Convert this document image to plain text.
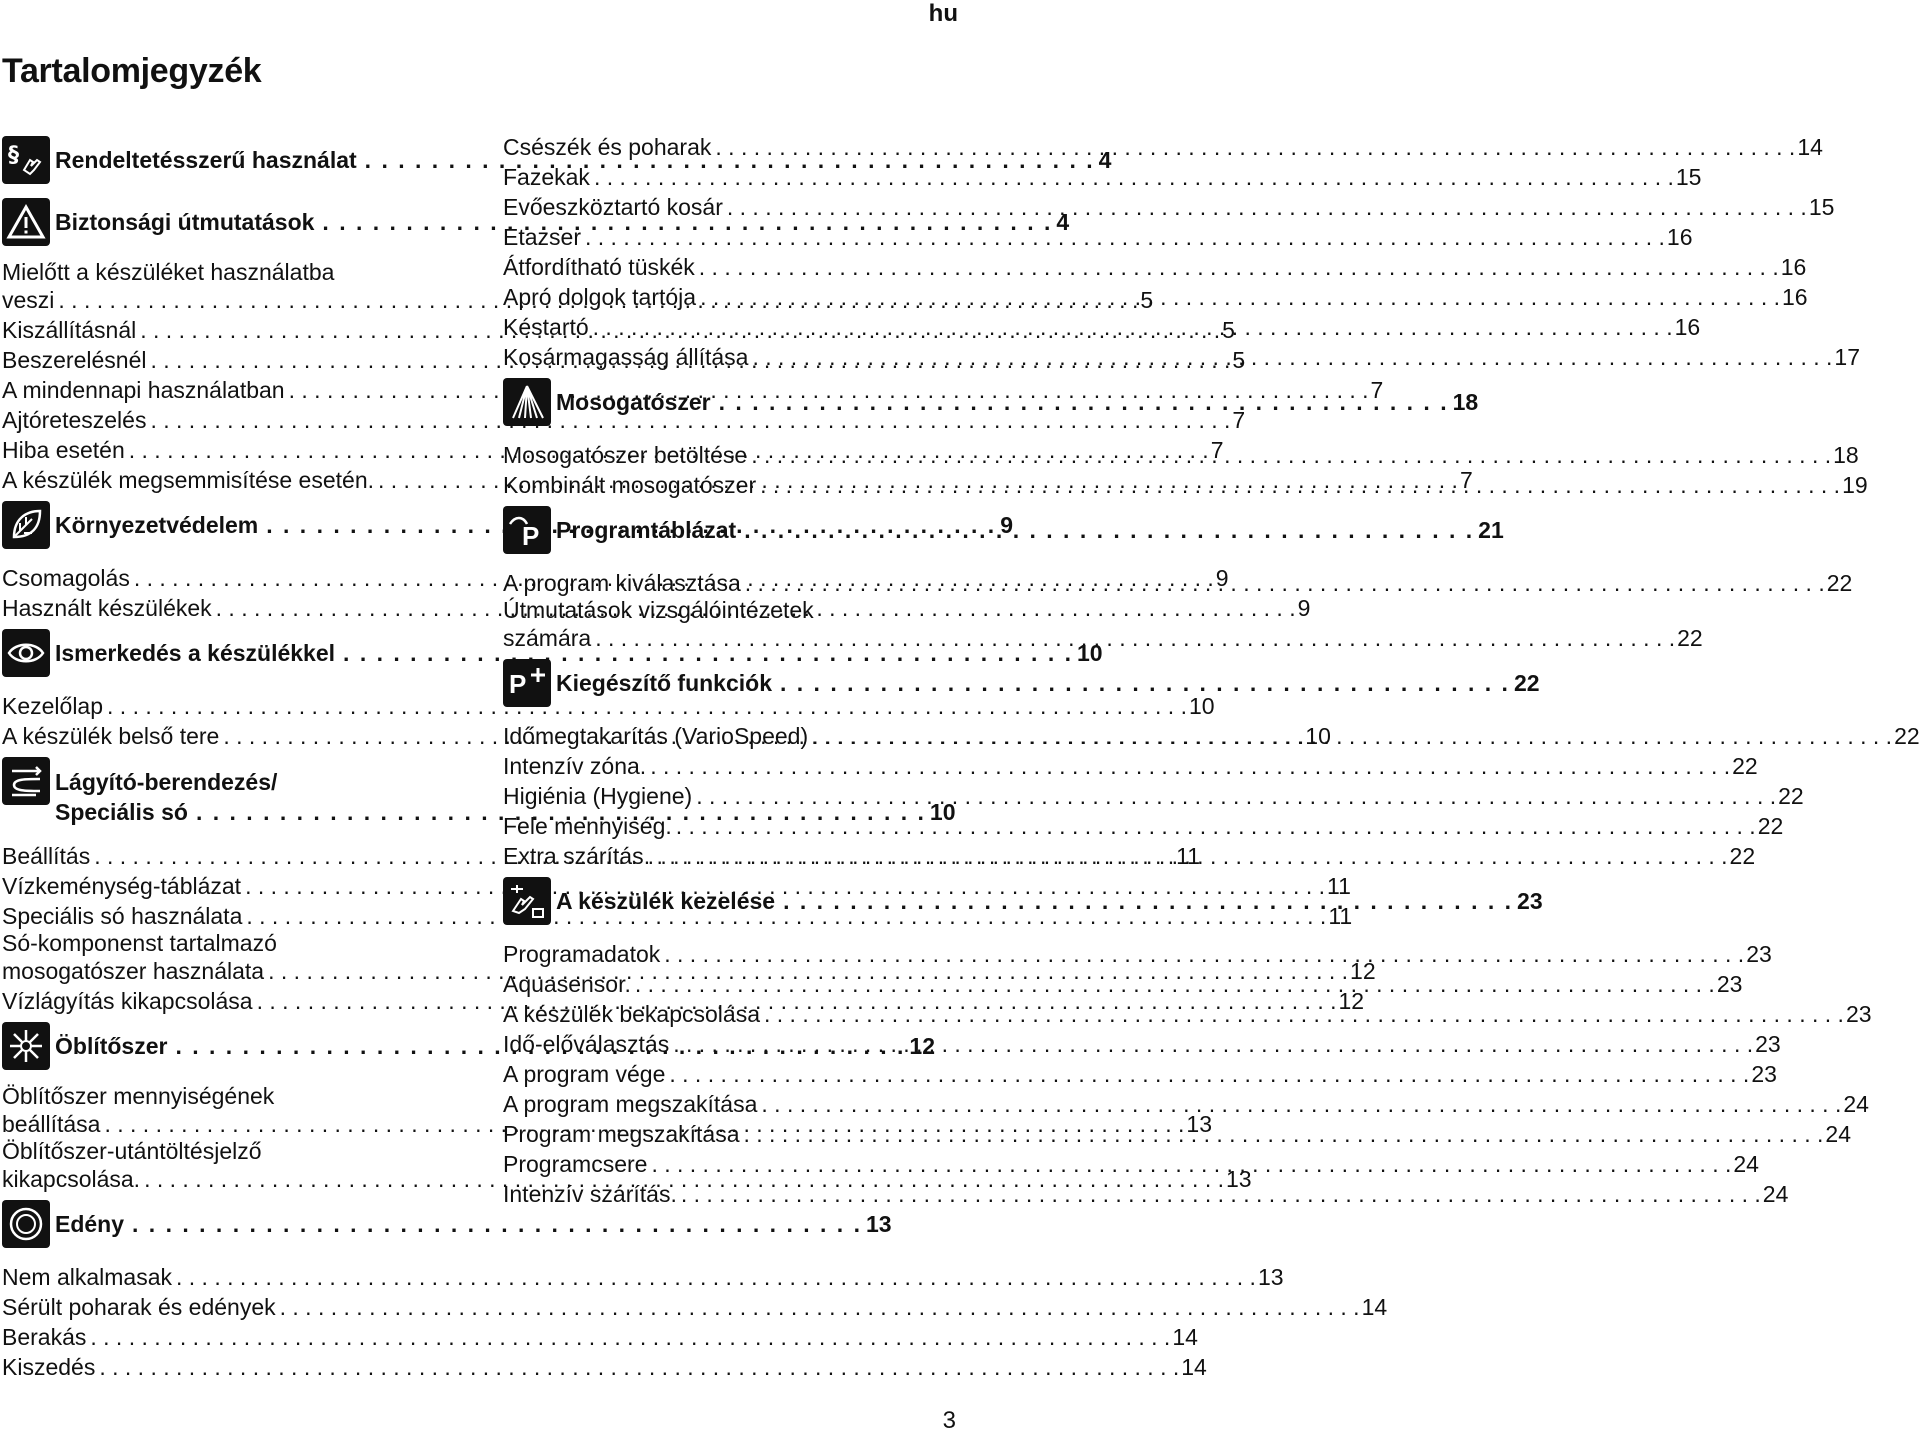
hu
Tartalomjegyzék
§ Rendeltetésszerű használat . . .	4
Biztonsági útmutatások . . .	4
Mielőtt a készüléket használatba
veszi . . .	5
Kiszállításnál . . .	5
Beszerelésnél . . .	5
A mindennapi használatban . . .	7
Ajtóreteszelés . . .	7
Hiba esetén . . .	7
A készülék megsemmisítése esetén. . . .	7
Környezetvédelem . . .	9
Csomagolás . . .	9
Használt készülékek . . .	9
Ismerkedés a készülékkel . . .	10
Kezelőlap . . .	10
A készülék belső tere . . .	10
Lágyító-berendezés/
Speciális só . . .	10
Beállítás . . .	11
Vízkeménység-táblázat . . .	11
Speciális só használata . . .	11
Só-komponenst tartalmazó
mosogatószer használata . . .	12
Vízlágyítás kikapcsolása . . .	12
Öblítőszer . . .	12
Öblítőszer mennyiségének
beállítása . . .	13
Öblítőszer-utántöltésjelző
kikapcsolása. . . .	13
Edény . . .	13
Nem alkalmasak . . .	13
Sérült poharak és edények . . .	14
Berakás . . .	14
Kiszedés . . .	14
Csészék és poharak . . .	14
Fazekak . . .	15
Evőeszköztartó kosár . . .	15
Etazser . . .	16
Átfordítható tüskék . . .	16
Apró dolgok tartója . . .	16
Késtartó . . .	16
Kosármagasság állítása . . .	17
Mosogatószer . . .	18
Mosogatószer betöltése . . .	18
Kombinált mosogatószer . . .	19
P Programtáblázat . . .	21
A program kiválasztása . . .	22
Útmutatások vizsgálóintézetek
számára . . .	22
P Kiegészítő funkciók . . .	22
Időmegtakarítás (VarioSpeed) . . .	22
Intenzív zóna. . . .	22
Higiénia (Hygiene) . . .	22
Fele mennyiség. . . .	22
Extra szárítás . . .	22
A készülék kezelése . . .	23
Programadatok . . .	23
Aquasensor. . . .	23
A készülék bekapcsolása . . .	23
Idő-előválasztás . . .	23
A program vége . . .	23
A program megszakítása . . .	24
Program megszakítása . . .	24
Programcsere . . .	24
Intenzív szárítás. . . .	24
3
